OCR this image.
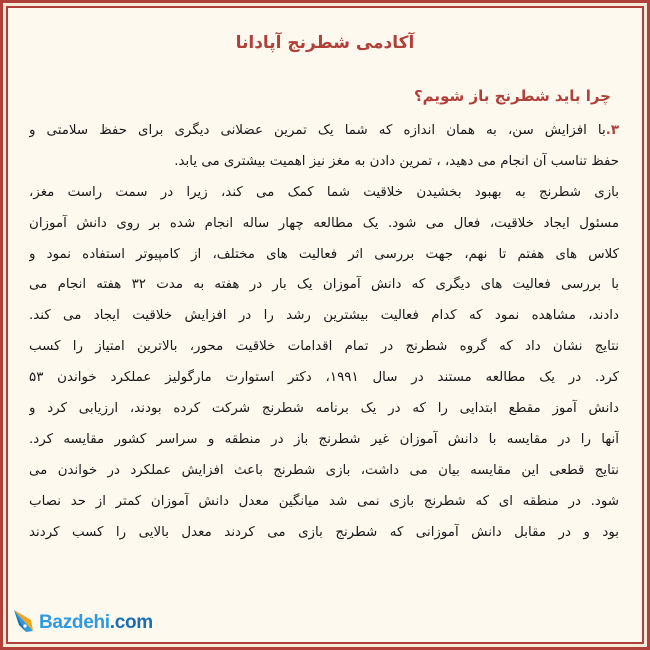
آکادمی شطرنج آپادانا
چرا باید شطرنج باز شویم؟
۳.با افزایش سن، به همان اندازه که شما یک تمرین عضلانی دیگری برای حفظ سلامتی و
حفظ تناسب آن انجام می دهید، ، تمرین دادن به مغز نیز اهمیت بیشتری می یابد.
بازی شطرنج به بهبود بخشیدن خلاقیت شما کمک می کند، زیرا در سمت راست مغز،
مسئول ایجاد خلاقیت، فعال می شود. یک مطالعه چهار ساله انجام شده بر روی دانش آموزان
کلاس های هفتم تا نهم، جهت بررسی اثر فعالیت های مختلف، از کامپیوتر استفاده نمود و
با بررسی فعالیت های دیگری که دانش آموزان یک بار در هفته به مدت ۳۲ هفته انجام می
دادند، مشاهده نمود که کدام فعالیت بیشترین رشد را در افزایش خلاقیت ایجاد می کند.
نتایج نشان داد که گروه شطرنج در تمام اقدامات خلاقیت محور، بالاترین امتیاز را کسب
کرد. در یک مطالعه مستند در سال ۱۹۹۱، دکتر استوارت مارگولیز عملکرد خواندن ۵۳
دانش آموز مقطع ابتدایی را که در یک برنامه شطرنج شرکت کرده بودند، ارزیابی کرد و
آنها را در مقایسه با دانش آموزان غیر شطرنج باز در منطقه و سراسر کشور مقایسه کرد.
نتایج قطعی این مقایسه بیان می داشت، بازی شطرنج باعث افزایش عملکرد در خواندن می
شود. در منطقه ای که شطرنج بازی نمی شد میانگین معدل دانش آموزان کمتر از حد نصاب
بود و در مقابل دانش آموزانی که شطرنج بازی می کردند معدل بالایی را کسب کردند
Bazdehi.com
